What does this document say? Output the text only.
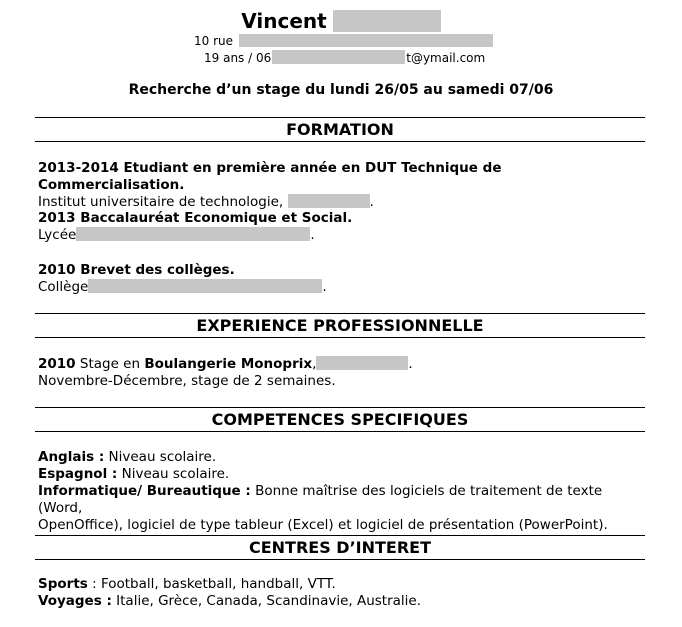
Vincent
10 rue
19 ans / 06	t@ymail.com
Recherche d’un stage du lundi 26/05 au samedi 07/06
FORMATION
2013-2014 Etudiant en première année en DUT Technique de Commercialisation.
Institut universitaire de technologie,	.
2013 Baccalauréat Economique et Social.
Lycée	.
2010 Brevet des collèges.
Collège	.
EXPERIENCE PROFESSIONNELLE
2010 Stage en Boulangerie Monoprix,	.
Novembre-Décembre, stage de 2 semaines.
COMPETENCES SPECIFIQUES
Anglais : Niveau scolaire.
Espagnol : Niveau scolaire.
Informatique/ Bureautique : Bonne maîtrise des logiciels de traitement de texte (Word,
OpenOffice), logiciel de type tableur (Excel) et logiciel de présentation (PowerPoint).
CENTRES D’INTERET
Sports : Football, basketball, handball, VTT.
Voyages : Italie, Grèce, Canada, Scandinavie, Australie.
